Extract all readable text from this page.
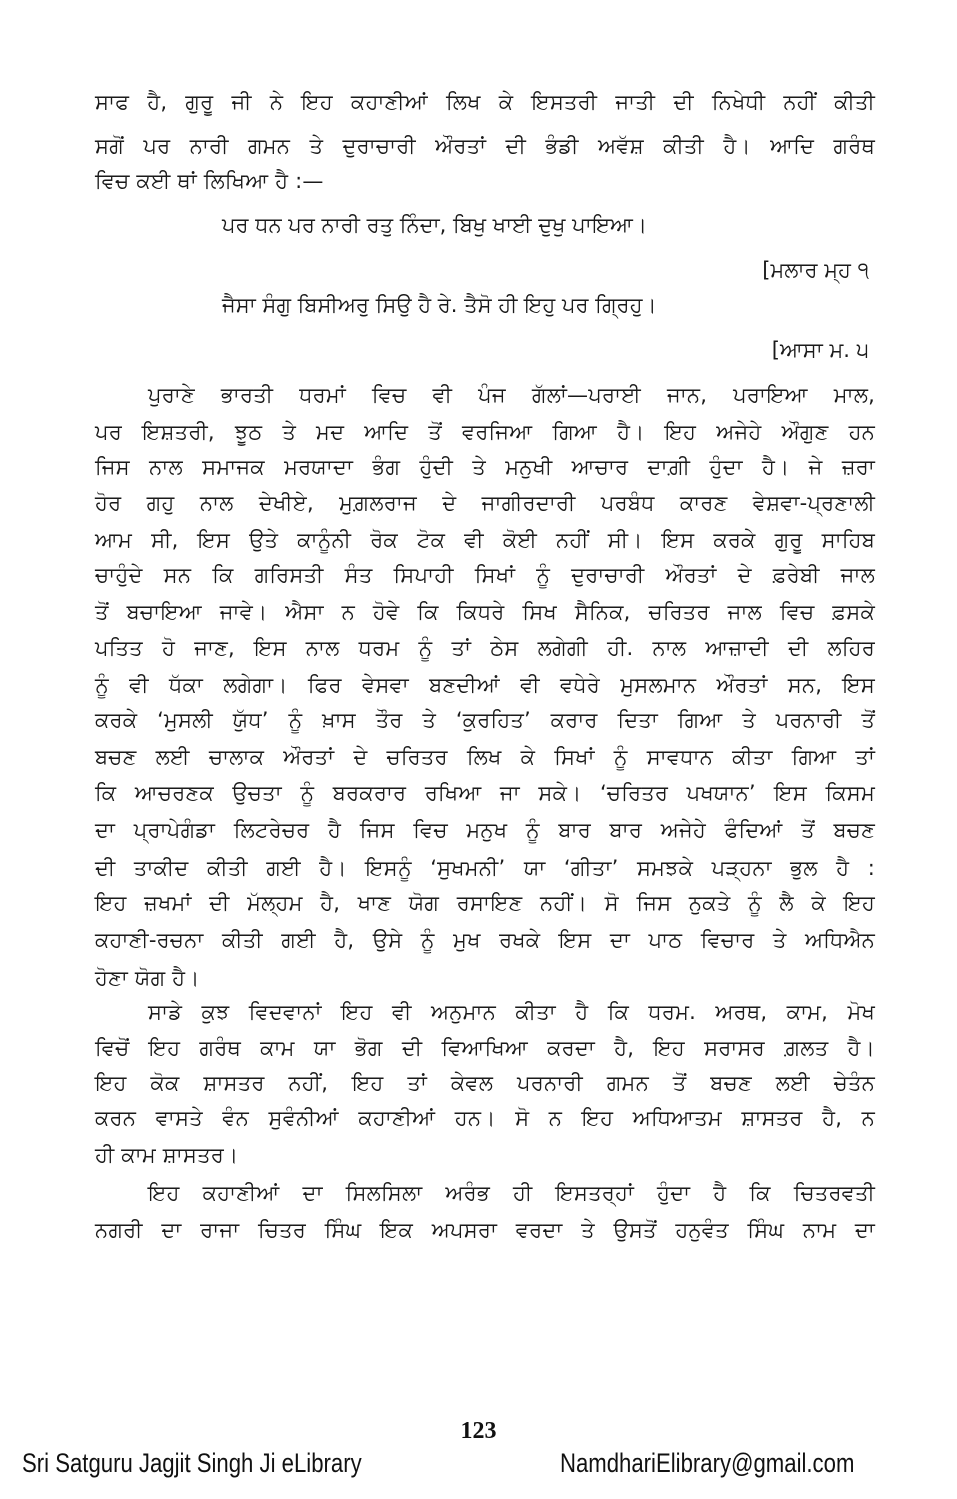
ਸਾਫ ਹੈ, ਗੁਰੂ ਜੀ ਨੇ ਇਹ ਕਹਾਣੀਆਂ ਲਿਖ ਕੇ ਇਸਤਰੀ ਜਾਤੀ ਦੀ ਨਿਖੇਧੀ ਨਹੀਂ ਕੀਤੀ
ਸਗੋਂ ਪਰ ਨਾਰੀ ਗਮਨ ਤੇ ਦੁਰਾਚਾਰੀ ਔਰਤਾਂ ਦੀ ਭੰਡੀ ਅਵੱਸ਼ ਕੀਤੀ ਹੈ। ਆਦਿ ਗਰੰਥ
ਵਿਚ ਕਈ ਥਾਂ ਲਿਖਿਆ ਹੈ :—
ਪਰ ਧਨ ਪਰ ਨਾਰੀ ਰਤੁ ਨਿੰਦਾ, ਬਿਖੁ ਖਾਈ ਦੁਖੁ ਪਾਇਆ।
[ਮਲਾਰ ਮ੍ਹ ੧
ਜੈਸਾ ਸੰਗੁ ਬਿਸੀਅਰੁ ਸਿਉ ਹੈ ਰੇ. ਤੈਸੋ ਹੀ ਇਹੁ ਪਰ ਗ੍ਰਿਹੁ।
[ਆਸਾ ਮ. ੫
ਪੁਰਾਣੇ ਭਾਰਤੀ ਧਰਮਾਂ ਵਿਚ ਵੀ ਪੰਜ ਗੱਲਾਂ—ਪਰਾਈ ਜਾਨ, ਪਰਾਇਆ ਮਾਲ,
ਪਰ ਇਸ਼ਤਰੀ, ਝੂਠ ਤੇ ਮਦ ਆਦਿ ਤੋਂ ਵਰਜਿਆ ਗਿਆ ਹੈ। ਇਹ ਅਜੇਹੇ ਔਗੁਣ ਹਨ
ਜਿਸ ਨਾਲ ਸਮਾਜਕ ਮਰਯਾਦਾ ਭੰਗ ਹੁੰਦੀ ਤੇ ਮਨੁਖੀ ਆਚਾਰ ਦਾਗ਼ੀ ਹੁੰਦਾ ਹੈ। ਜੇ ਜ਼ਰਾ
ਹੋਰ ਗਹੁ ਨਾਲ ਦੇਖੀਏ, ਮੁਗ਼ਲਰਾਜ ਦੇ ਜਾਗੀਰਦਾਰੀ ਪਰਬੰਧ ਕਾਰਣ ਵੇਸ਼ਵਾ-ਪ੍ਰਣਾਲੀ
ਆਮ ਸੀ, ਇਸ ਉਤੇ ਕਾਨੂੰਨੀ ਰੋਕ ਟੋਕ ਵੀ ਕੋਈ ਨਹੀਂ ਸੀ। ਇਸ ਕਰਕੇ ਗੁਰੂ ਸਾਹਿਬ
ਚਾਹੁੰਦੇ ਸਨ ਕਿ ਗਰਿਸਤੀ ਸੰਤ ਸਿਪਾਹੀ ਸਿਖਾਂ ਨੂੰ ਦੁਰਾਚਾਰੀ ਔਰਤਾਂ ਦੇ ਫ਼ਰੇਬੀ ਜਾਲ
ਤੋਂ ਬਚਾਇਆ ਜਾਵੇ। ਐਸਾ ਨ ਹੋਵੇ ਕਿ ਕਿਧਰੇ ਸਿਖ ਸੈਨਿਕ, ਚਰਿਤਰ ਜਾਲ ਵਿਚ ਫ਼ਸਕੇ
ਪਤਿਤ ਹੋ ਜਾਣ, ਇਸ ਨਾਲ ਧਰਮ ਨੂੰ ਤਾਂ ਠੇਸ ਲਗੇਗੀ ਹੀ. ਨਾਲ ਆਜ਼ਾਦੀ ਦੀ ਲਹਿਰ
ਨੂੰ ਵੀ ਧੱਕਾ ਲਗੇਗਾ। ਫਿਰ ਵੇਸਵਾ ਬਣਦੀਆਂ ਵੀ ਵਧੇਰੇ ਮੁਸਲਮਾਨ ਔਰਤਾਂ ਸਨ, ਇਸ
ਕਰਕੇ ‘ਮੁਸਲੀ ਯੁੱਧ’ ਨੂੰ ਖ਼ਾਸ ਤੌਰ ਤੇ ‘ਕੁਰਹਿਤ’ ਕਰਾਰ ਦਿਤਾ ਗਿਆ ਤੇ ਪਰਨਾਰੀ ਤੋਂ
ਬਚਣ ਲਈ ਚਾਲਾਕ ਔਰਤਾਂ ਦੇ ਚਰਿਤਰ ਲਿਖ ਕੇ ਸਿਖਾਂ ਨੂੰ ਸਾਵਧਾਨ ਕੀਤਾ ਗਿਆ ਤਾਂ
ਕਿ ਆਚਰਣਕ ਉਚਤਾ ਨੂੰ ਬਰਕਰਾਰ ਰਖਿਆ ਜਾ ਸਕੇ। ‘ਚਰਿਤਰ ਪਖਯਾਨ’ ਇਸ ਕਿਸਮ
ਦਾ ਪ੍ਰਾਪੇਗੰਡਾ ਲਿਟਰੇਚਰ ਹੈ ਜਿਸ ਵਿਚ ਮਨੁਖ ਨੂੰ ਬਾਰ ਬਾਰ ਅਜੇਹੇ ਫੰਦਿਆਂ ਤੋਂ ਬਚਣ
ਦੀ ਤਾਕੀਦ ਕੀਤੀ ਗਈ ਹੈ। ਇਸਨੂੰ ‘ਸੁਖਮਨੀ’ ਯਾ ‘ਗੀਤਾ’ ਸਮਝਕੇ ਪੜ੍ਹਨਾ ਭੁਲ ਹੈ :
ਇਹ ਜ਼ਖਮਾਂ ਦੀ ਮੱਲ੍ਹਮ ਹੈ, ਖਾਣ ਯੋਗ ਰਸਾਇਣ ਨਹੀਂ। ਸੋ ਜਿਸ ਨੁਕਤੇ ਨੂੰ ਲੈ ਕੇ ਇਹ
ਕਹਾਣੀ-ਰਚਨਾ ਕੀਤੀ ਗਈ ਹੈ, ਉਸੇ ਨੂੰ ਮੁਖ ਰਖਕੇ ਇਸ ਦਾ ਪਾਠ ਵਿਚਾਰ ਤੇ ਅਧਿਐਨ
ਹੋਣਾ ਯੋਗ ਹੈ।
ਸਾਡੇ ਕੁਝ ਵਿਦਵਾਨਾਂ ਇਹ ਵੀ ਅਨੁਮਾਨ ਕੀਤਾ ਹੈ ਕਿ ਧਰਮ. ਅਰਥ, ਕਾਮ, ਮੋਖ
ਵਿਚੋਂ ਇਹ ਗਰੰਥ ਕਾਮ ਯਾ ਭੋਗ ਦੀ ਵਿਆਖਿਆ ਕਰਦਾ ਹੈ, ਇਹ ਸਰਾਸਰ ਗ਼ਲਤ ਹੈ।
ਇਹ ਕੋਕ ਸ਼ਾਸਤਰ ਨਹੀਂ, ਇਹ ਤਾਂ ਕੇਵਲ ਪਰਨਾਰੀ ਗਮਨ ਤੋਂ ਬਚਣ ਲਈ ਚੇਤੰਨ
ਕਰਨ ਵਾਸਤੇ ਵੰਨ ਸੁਵੰਨੀਆਂ ਕਹਾਣੀਆਂ ਹਨ। ਸੋ ਨ ਇਹ ਅਧਿਆਤਮ ਸ਼ਾਸਤਰ ਹੈ, ਨ
ਹੀ ਕਾਮ ਸ਼ਾਸਤਰ।
ਇਹ ਕਹਾਣੀਆਂ ਦਾ ਸਿਲਸਿਲਾ ਅਰੰਭ ਹੀ ਇਸਤਰ੍ਹਾਂ ਹੁੰਦਾ ਹੈ ਕਿ ਚਿਤਰਵਤੀ
ਨਗਰੀ ਦਾ ਰਾਜਾ ਚਿਤਰ ਸਿੰਘ ਇਕ ਅਪਸਰਾ ਵਰਦਾ ਤੇ ਉਸਤੋਂ ਹਨੁਵੰਤ ਸਿੰਘ ਨਾਮ ਦਾ
123
Sri Satguru Jagjit Singh Ji eLibrary	NamdhariElibrary@gmail.com
